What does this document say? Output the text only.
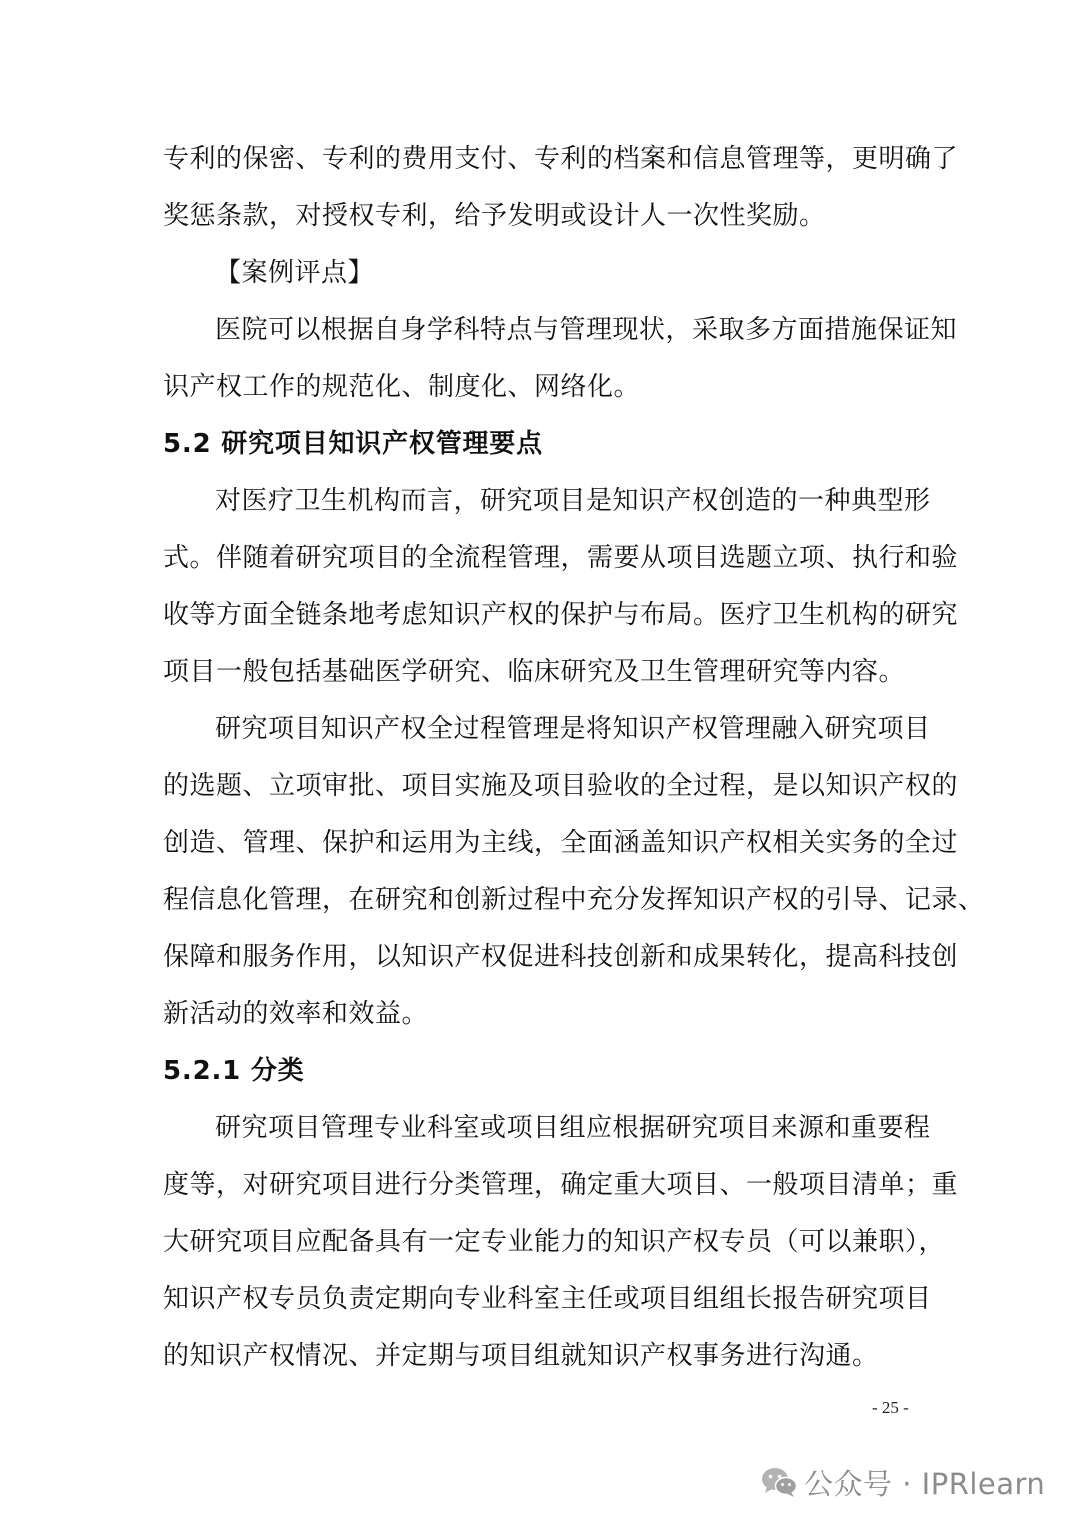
专利的保密、专利的费用支付、专利的档案和信息管理等，更明确了
奖惩条款，对授权专利，给予发明或设计人一次性奖励。
【案例评点】
医院可以根据自身学科特点与管理现状，采取多方面措施保证知
识产权工作的规范化、制度化、网络化。
5.2 研究项目知识产权管理要点
对医疗卫生机构而言，研究项目是知识产权创造的一种典型形
式。伴随着研究项目的全流程管理，需要从项目选题立项、执行和验
收等方面全链条地考虑知识产权的保护与布局。医疗卫生机构的研究
项目一般包括基础医学研究、临床研究及卫生管理研究等内容。
研究项目知识产权全过程管理是将知识产权管理融入研究项目
的选题、立项审批、项目实施及项目验收的全过程，是以知识产权的
创造、管理、保护和运用为主线，全面涵盖知识产权相关实务的全过
程信息化管理，在研究和创新过程中充分发挥知识产权的引导、记录、
保障和服务作用，以知识产权促进科技创新和成果转化，提高科技创
新活动的效率和效益。
5.2.1 分类
研究项目管理专业科室或项目组应根据研究项目来源和重要程
度等，对研究项目进行分类管理，确定重大项目、一般项目清单；重
大研究项目应配备具有一定专业能力的知识产权专员（可以兼职），
知识产权专员负责定期向专业科室主任或项目组组长报告研究项目
的知识产权情况、并定期与项目组就知识产权事务进行沟通。
- 25 -
公众号 · IPRlearn
